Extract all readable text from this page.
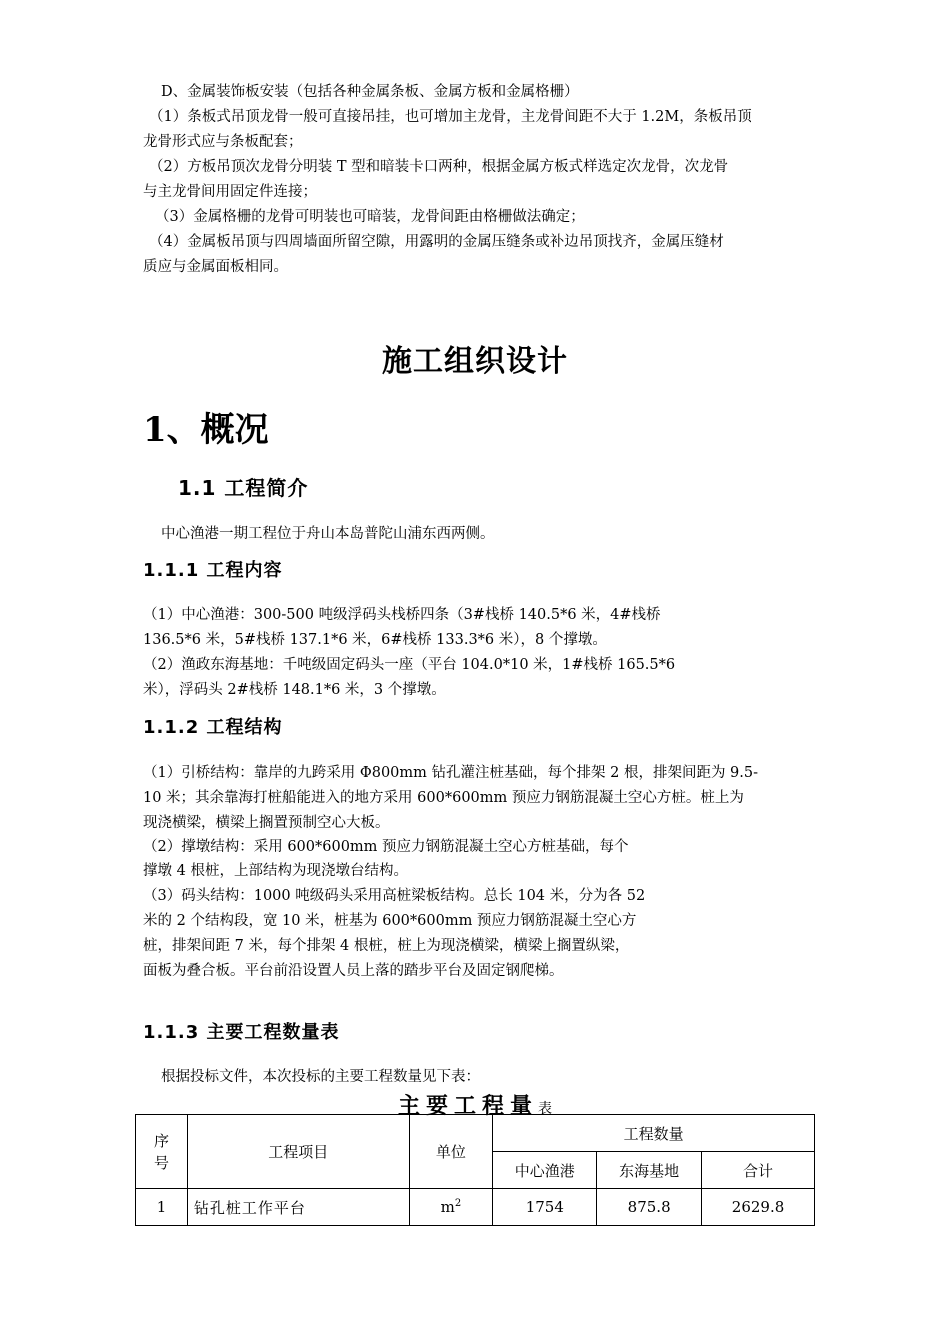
D、金属装饰板安装（包括各种金属条板、金属方板和金属格栅）
（1）条板式吊顶龙骨一般可直接吊挂，也可增加主龙骨，主龙骨间距不大于 1.2M，条板吊顶
龙骨形式应与条板配套；
（2）方板吊顶次龙骨分明装 T 型和暗装卡口两种，根据金属方板式样选定次龙骨，次龙骨
与主龙骨间用固定件连接；
（3）金属格栅的龙骨可明装也可暗装，龙骨间距由格栅做法确定；
（4）金属板吊顶与四周墙面所留空隙，用露明的金属压缝条或补边吊顶找齐，金属压缝材
质应与金属面板相同。
施工组织设计
1、概况
1.1 工程简介
中心渔港一期工程位于舟山本岛普陀山浦东西两侧。
1.1.1 工程内容
（1）中心渔港：300-500 吨级浮码头栈桥四条（3#栈桥 140.5*6 米，4#栈桥
136.5*6 米，5#栈桥 137.1*6 米，6#栈桥 133.3*6 米），8 个撑墩。
（2）渔政东海基地：千吨级固定码头一座（平台 104.0*10 米，1#栈桥 165.5*6
米），浮码头 2#栈桥 148.1*6 米，3 个撑墩。
1.1.2 工程结构
（1）引桥结构：靠岸的九跨采用 Φ800mm 钻孔灌注桩基础，每个排架 2 根，排架间距为 9.5-
10 米；其余靠海打桩船能进入的地方采用 600*600mm 预应力钢筋混凝土空心方桩。桩上为
现浇横梁，横梁上搁置预制空心大板。
（2）撑墩结构：采用 600*600mm 预应力钢筋混凝土空心方桩基础，每个
撑墩 4 根桩，上部结构为现浇墩台结构。
（3）码头结构：1000 吨级码头采用高桩梁板结构。总长 104 米，分为各 52
米的 2 个结构段，宽 10 米，桩基为 600*600mm 预应力钢筋混凝土空心方
桩，排架间距 7 米，每个排架 4 根桩，桩上为现浇横梁，横梁上搁置纵梁，
面板为叠合板。平台前沿设置人员上落的踏步平台及固定钢爬梯。
1.1.3 主要工程数量表
根据投标文件，本次投标的主要工程数量见下表：
主要工程量表
序号	工程项目	单位	工程数量		
			中心渔港	东海基地	合计
1	钻孔桩工作平台	$m^2$	1754	875.8	2629.8
